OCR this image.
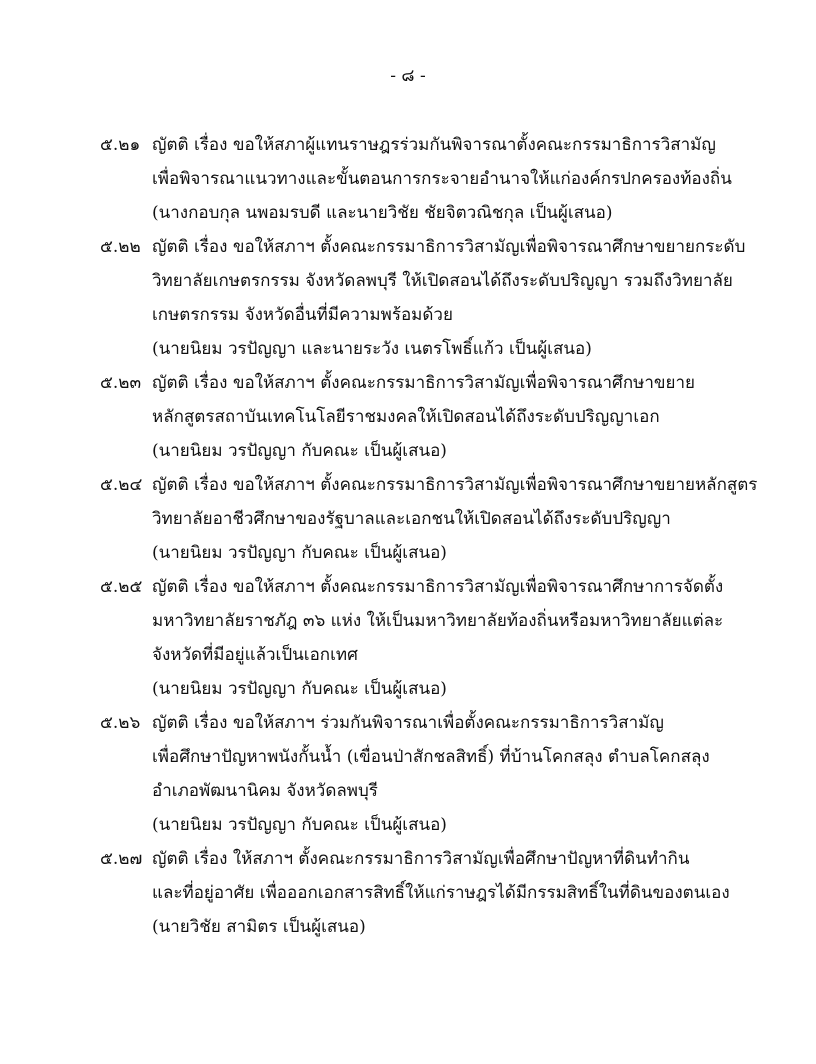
- ๘ -
๕.๒๑ ญัตติ เรื่อง ขอให้สภาผู้แทนราษฎรร่วมกันพิจารณาตั้งคณะกรรมาธิการวิสามัญ
เพื่อพิจารณาแนวทางและขั้นตอนการกระจายอำนาจให้แก่องค์กรปกครองท้องถิ่น
(นางกอบกุล นพอมรบดี และนายวิชัย ชัยจิตวณิชกุล เป็นผู้เสนอ)
๕.๒๒ ญัตติ เรื่อง ขอให้สภาฯ ตั้งคณะกรรมาธิการวิสามัญเพื่อพิจารณาศึกษาขยายกระดับ
วิทยาลัยเกษตรกรรม จังหวัดลพบุรี ให้เปิดสอนได้ถึงระดับปริญญา รวมถึงวิทยาลัย
เกษตรกรรม จังหวัดอื่นที่มีความพร้อมด้วย
(นายนิยม วรปัญญา และนายระวัง เนตรโพธิ์แก้ว เป็นผู้เสนอ)
๕.๒๓ ญัตติ เรื่อง ขอให้สภาฯ ตั้งคณะกรรมาธิการวิสามัญเพื่อพิจารณาศึกษาขยาย
หลักสูตรสถาบันเทคโนโลยีราชมงคลให้เปิดสอนได้ถึงระดับปริญญาเอก
(นายนิยม วรปัญญา กับคณะ เป็นผู้เสนอ)
๕.๒๔ ญัตติ เรื่อง ขอให้สภาฯ ตั้งคณะกรรมาธิการวิสามัญเพื่อพิจารณาศึกษาขยายหลักสูตร
วิทยาลัยอาชีวศึกษาของรัฐบาลและเอกชนให้เปิดสอนได้ถึงระดับปริญญา
(นายนิยม วรปัญญา กับคณะ เป็นผู้เสนอ)
๕.๒๕ ญัตติ เรื่อง ขอให้สภาฯ ตั้งคณะกรรมาธิการวิสามัญเพื่อพิจารณาศึกษาการจัดตั้ง
มหาวิทยาลัยราชภัฎ ๓๖ แห่ง ให้เป็นมหาวิทยาลัยท้องถิ่นหรือมหาวิทยาลัยแต่ละ
จังหวัดที่มีอยู่แล้วเป็นเอกเทศ
(นายนิยม วรปัญญา กับคณะ เป็นผู้เสนอ)
๕.๒๖ ญัตติ เรื่อง ขอให้สภาฯ ร่วมกันพิจารณาเพื่อตั้งคณะกรรมาธิการวิสามัญ
เพื่อศึกษาปัญหาพนังกั้นน้ำ (เขื่อนป่าสักชลสิทธิ์) ที่บ้านโคกสลุง ตำบลโคกสลุง
อำเภอพัฒนานิคม จังหวัดลพบุรี
(นายนิยม วรปัญญา กับคณะ เป็นผู้เสนอ)
๕.๒๗ ญัตติ เรื่อง ให้สภาฯ ตั้งคณะกรรมาธิการวิสามัญเพื่อศึกษาปัญหาที่ดินทำกิน
และที่อยู่อาศัย เพื่อออกเอกสารสิทธิ์ให้แก่ราษฎรได้มีกรรมสิทธิ์ในที่ดินของตนเอง
(นายวิชัย สามิตร เป็นผู้เสนอ)
